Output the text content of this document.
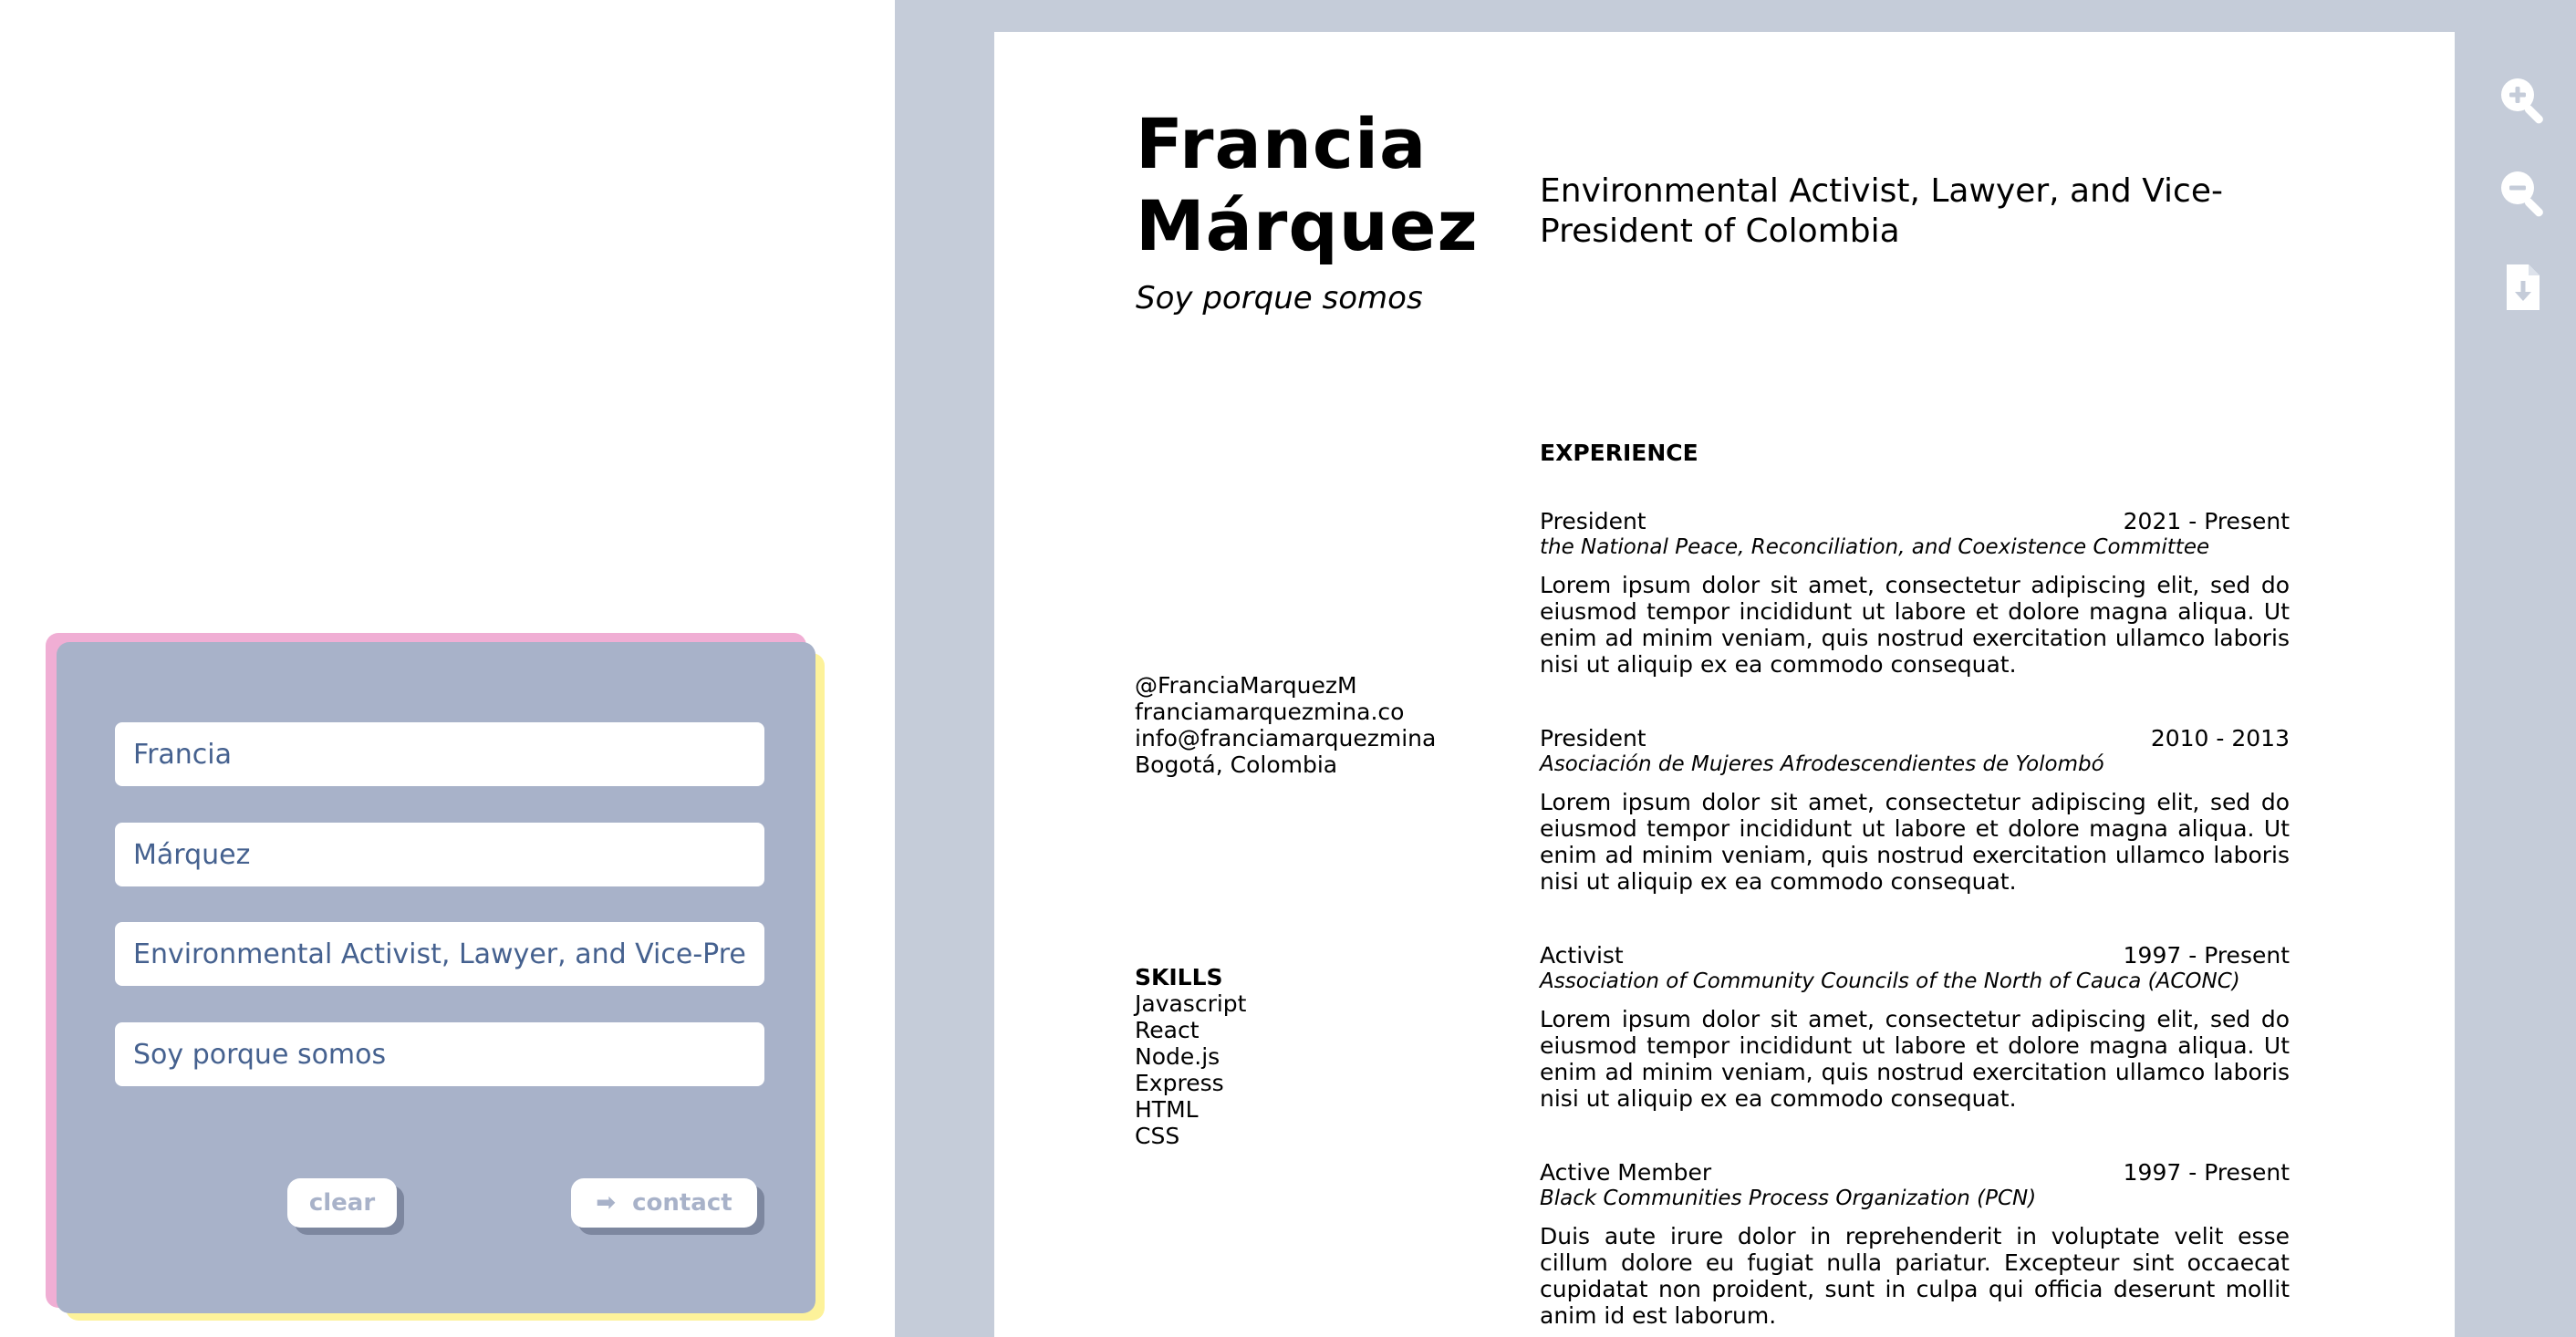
Francia
Márquez
Environmental Activist, Lawyer, and Vice-President of Colombia
Soy porque somos
clear	➡ contact
Francia
Márquez
Soy porque somos
Environmental Activist, Lawyer, and Vice-President of Colombia
@FranciaMarquezM
franciamarquezmina.co
info@franciamarquezmina
Bogotá, Colombia
SKILLS
Javascript
React
Node.js
Express
HTML
CSS
EXPERIENCE
President	2021 - Present
the National Peace, Reconciliation, and Coexistence Committee
Lorem ipsum dolor sit amet, consectetur adipiscing elit, sed do eiusmod tempor incididunt ut labore et dolore magna aliqua. Ut enim ad minim veniam, quis nostrud exercitation ullamco laboris nisi ut aliquip ex ea commodo consequat.
President	2010 - 2013
Asociación de Mujeres Afrodescendientes de Yolombó
Lorem ipsum dolor sit amet, consectetur adipiscing elit, sed do eiusmod tempor incididunt ut labore et dolore magna aliqua. Ut enim ad minim veniam, quis nostrud exercitation ullamco laboris nisi ut aliquip ex ea commodo consequat.
Activist	1997 - Present
Association of Community Councils of the North of Cauca (ACONC)
Lorem ipsum dolor sit amet, consectetur adipiscing elit, sed do eiusmod tempor incididunt ut labore et dolore magna aliqua. Ut enim ad minim veniam, quis nostrud exercitation ullamco laboris nisi ut aliquip ex ea commodo consequat.
Active Member	1997 - Present
Black Communities Process Organization (PCN)
Duis aute irure dolor in reprehenderit in voluptate velit esse cillum dolore eu fugiat nulla pariatur. Excepteur sint occaecat cupidatat non proident, sunt in culpa qui officia deserunt mollit anim id est laborum.
